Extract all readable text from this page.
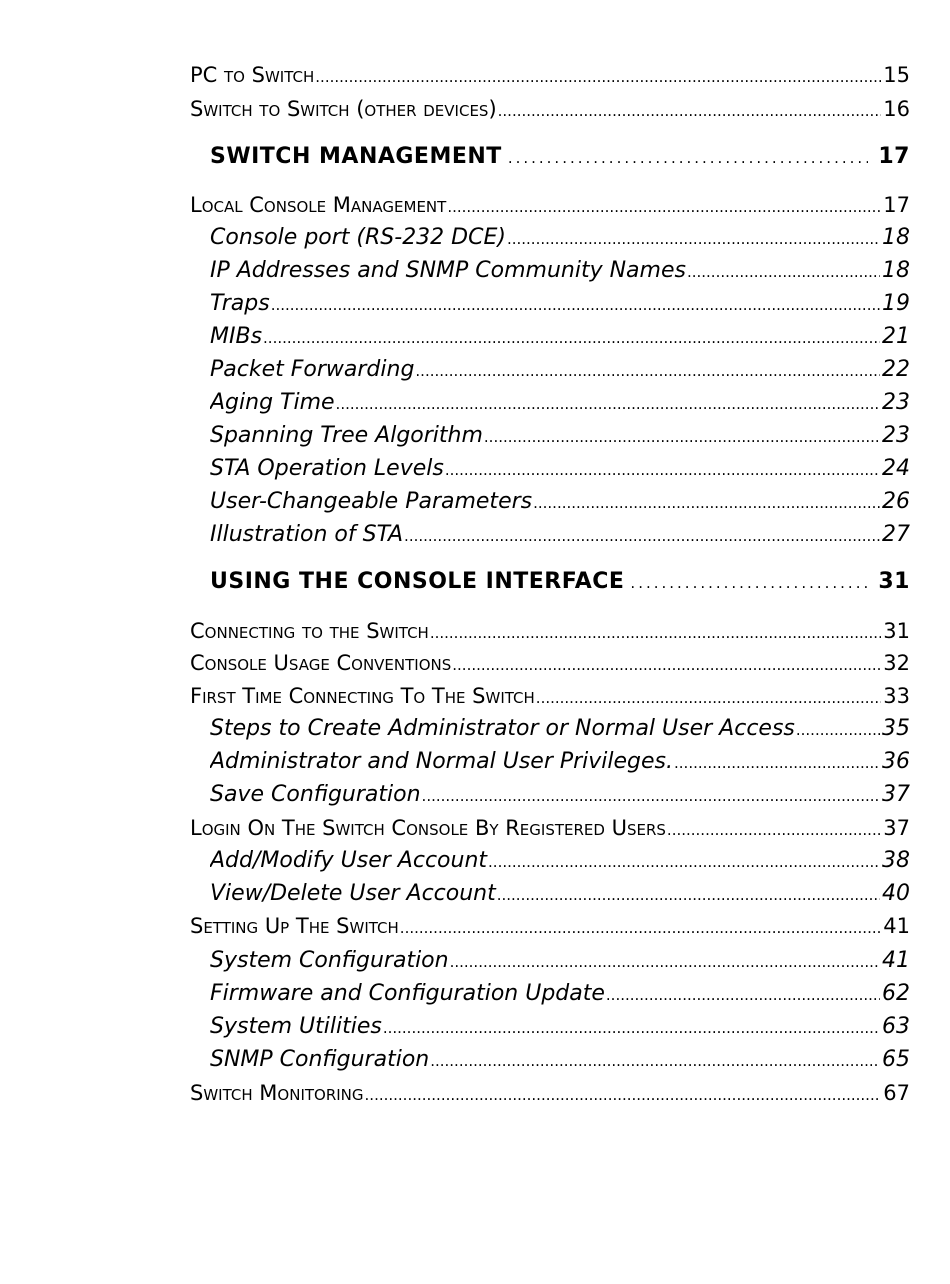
PC to Switch .....	15
Switch to Switch (other devices) .....	16
SWITCH MANAGEMENT .....	17
Local Console Management .....	17
Console port (RS-232 DCE) .....	18
IP Addresses and SNMP Community Names .....	18
Traps .....	19
MIBs .....	21
Packet Forwarding .....	22
Aging Time .....	23
Spanning Tree Algorithm .....	23
STA Operation Levels .....	24
User-Changeable Parameters .....	26
Illustration of STA .....	27
USING THE CONSOLE INTERFACE .....	31
Connecting to the Switch .....	31
Console Usage Conventions .....	32
First Time Connecting To The Switch .....	33
Steps to Create Administrator or Normal User Access .....	35
Administrator and Normal User Privileges. .....	36
Save Configuration .....	37
Login On The Switch Console By Registered Users .....	37
Add/Modify User Account .....	38
View/Delete User Account .....	40
Setting Up The Switch .....	41
System Configuration .....	41
Firmware and Configuration Update .....	62
System Utilities .....	63
SNMP Configuration .....	65
Switch Monitoring .....	67
